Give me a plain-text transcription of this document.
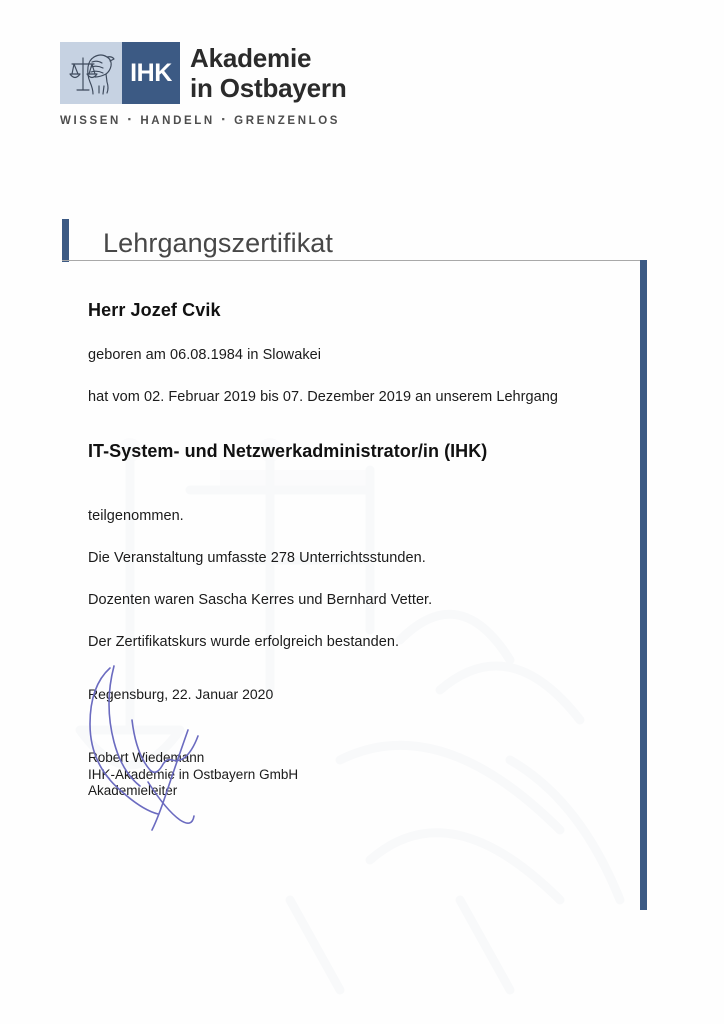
IHK Akademie
in Ostbayern
WISSEN ▪ HANDELN ▪ GRENZENLOS
Lehrgangszertifikat

Herr Jozef Cvik

geboren am 06.08.1984 in Slowakei

hat vom 02. Februar 2019 bis 07. Dezember 2019 an unserem Lehrgang

IT-System- und Netzwerkadministrator/in (IHK)

teilgenommen.

Die Veranstaltung umfasste 278 Unterrichtsstunden.

Dozenten waren Sascha Kerres und Bernhard Vetter.

Der Zertifikatskurs wurde erfolgreich bestanden.

Regensburg, 22. Januar 2020

Robert Wiedemann
IHK-Akademie in Ostbayern GmbH
Akademieleiter
